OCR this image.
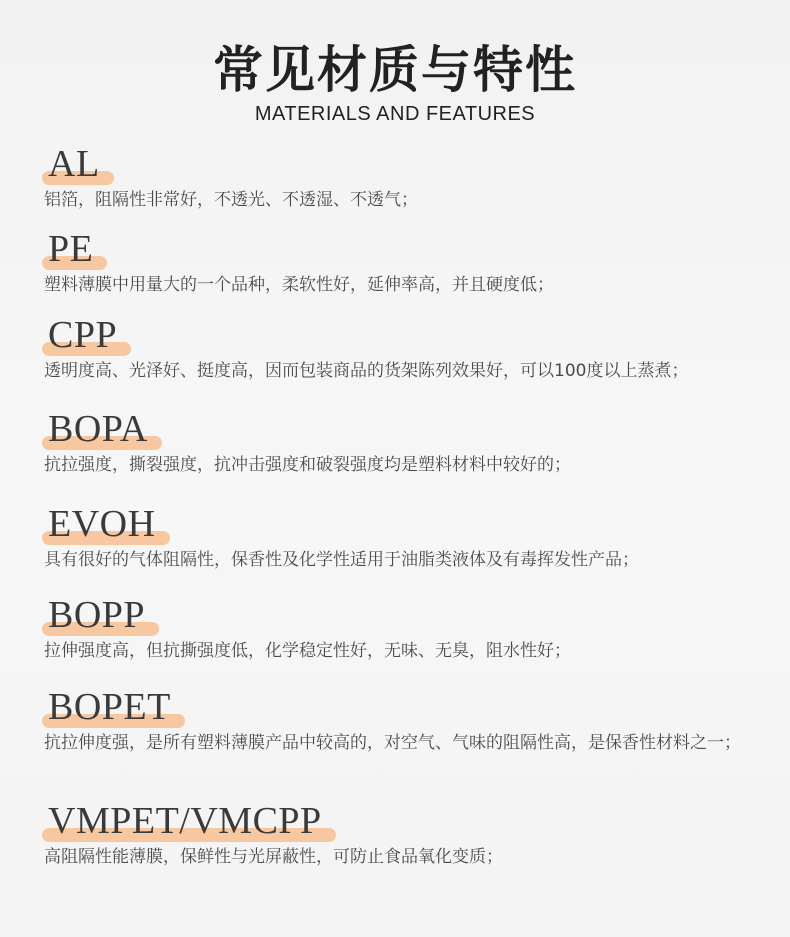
常见材质与特性
MATERIALS AND FEATURES
AL
铝箔，阻隔性非常好，不透光、不透湿、不透气；
PE
塑料薄膜中用量大的一个品种，柔软性好，延伸率高，并且硬度低；
CPP
透明度高、光泽好、挺度高，因而包装商品的货架陈列效果好，可以100度以上蒸煮；
BOPA
抗拉强度，撕裂强度，抗冲击强度和破裂强度均是塑料材料中较好的；
EVOH
具有很好的气体阻隔性，保香性及化学性适用于油脂类液体及有毒挥发性产品；
BOPP
拉伸强度高，但抗撕强度低，化学稳定性好，无味、无臭，阻水性好；
BOPET
抗拉伸度强，是所有塑料薄膜产品中较高的，对空气、气味的阻隔性高，是保香性材料之一；
VMPET/VMCPP
高阻隔性能薄膜，保鲜性与光屏蔽性，可防止食品氧化变质；
